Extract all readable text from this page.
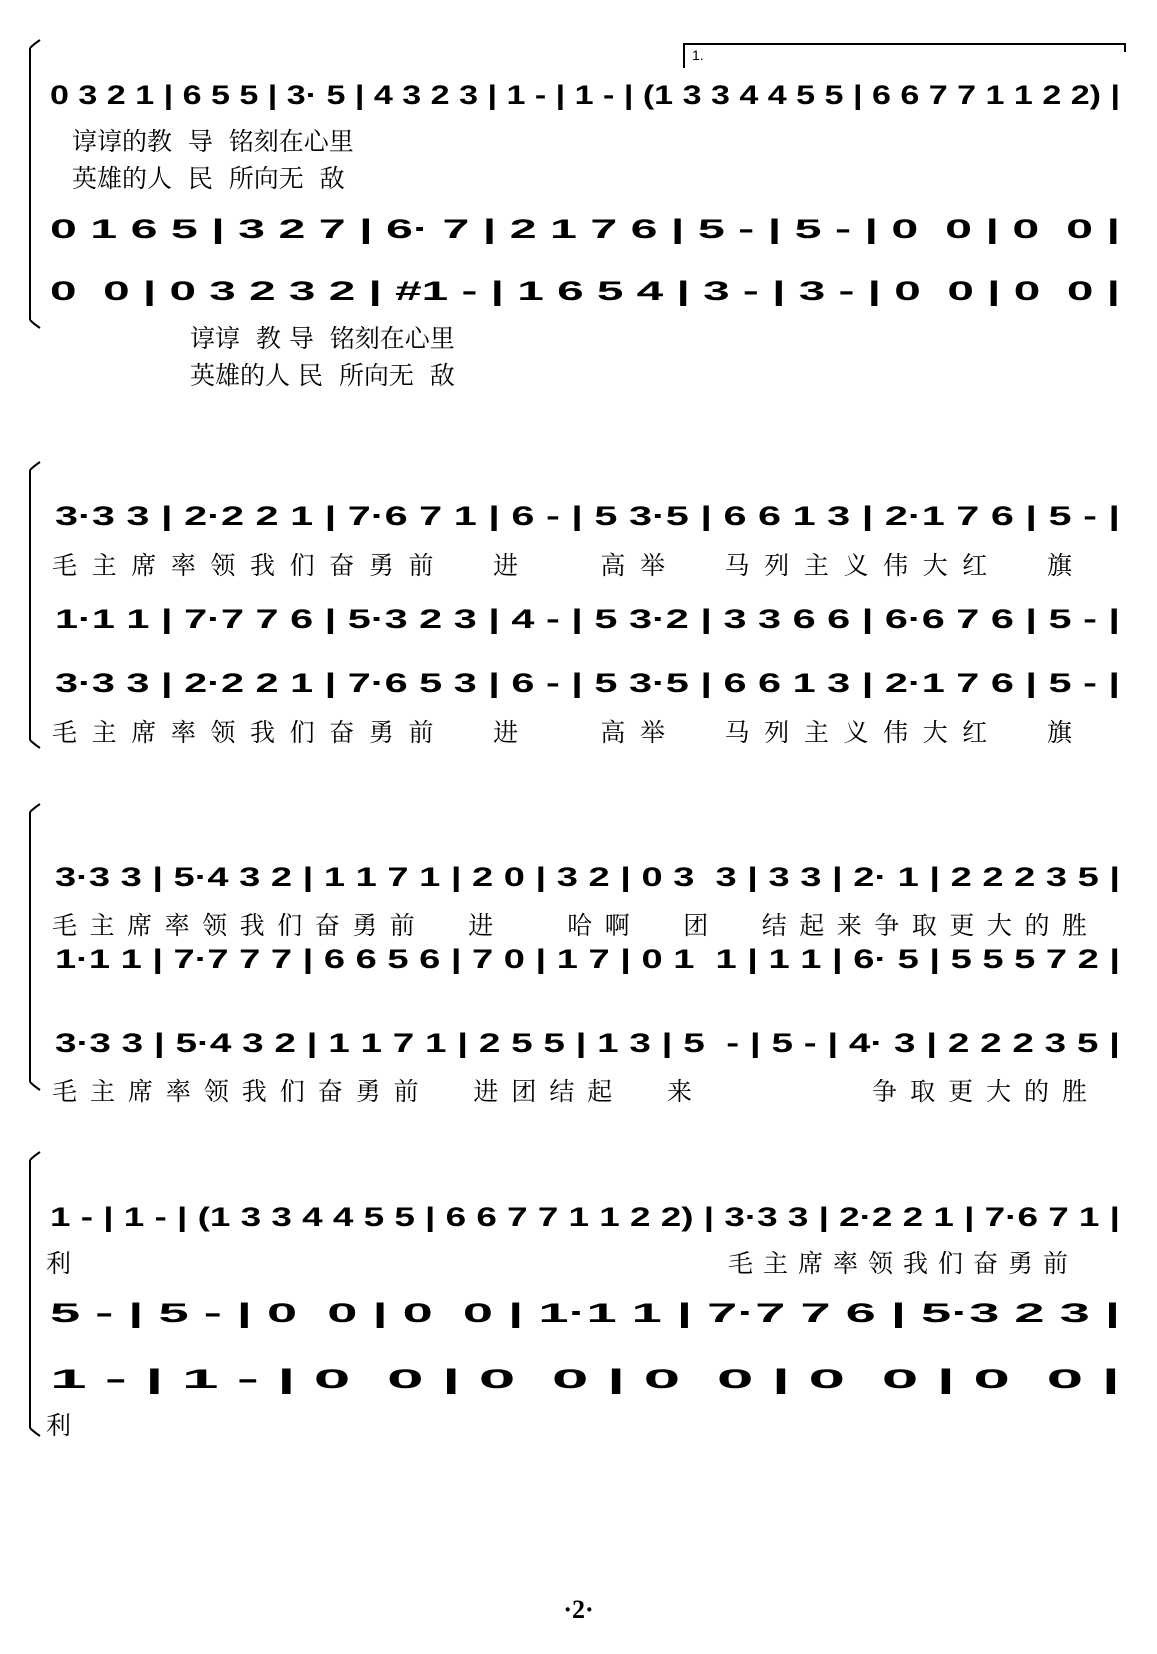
1.
0 3 2 1 | 6 5 5 | 3· 5 | 4 3 2 3 | 1 - | 1 - | (1 3 3 4 4 5 5 | 6 6 7 7 1 1 2 2) |
谆谆的教  导  铭刻在心里
英雄的人  民  所向无  敌
0 1 6 5 | 3 2 7 | 6· 7 | 2 1 7 6 | 5 - | 5 - | 0  0 | 0  0 |
0  0 | 0 3 2 3 2 | #1 - | 1 6 5 4 | 3 - | 3 - | 0  0 | 0  0 |
谆谆  教 导  铭刻在心里
英雄的人 民  所向无  敌
3·3 3 | 2·2 2 1 | 7·6 7 1 | 6 - | 5 3·5 | 6 6 1 3 | 2·1 7 6 | 5 - |
毛主席率领我们奋勇前  进   高举  马列主义伟大红  旗
1·1 1 | 7·7 7 6 | 5·3 2 3 | 4 - | 5 3·2 | 3 3 6 6 | 6·6 7 6 | 5 - |
3·3 3 | 2·2 2 1 | 7·6 5 3 | 6 - | 5 3·5 | 6 6 1 3 | 2·1 7 6 | 5 - |
毛主席率领我们奋勇前  进   高举  马列主义伟大红  旗
3·3 3 | 5·4 3 2 | 1 1 7 1 | 2 0 | 3 2 | 0 3  3 | 3 3 | 2· 1 | 2 2 2 3 5 |
毛主席率领我们奋勇前  进   哈啊  团  结起来争取更大的胜
1·1 1 | 7·7 7 7 | 6 6 5 6 | 7 0 | 1 7 | 0 1  1 | 1 1 | 6· 5 | 5 5 5 7 2 |
3·3 3 | 5·4 3 2 | 1 1 7 1 | 2 5 5 | 1 3 | 5  - | 5 - | 4· 3 | 2 2 2 3 5 |
毛主席率领我们奋勇前  进团结起  来        争取更大的胜
1 - | 1 - | (1 3 3 4 4 5 5 | 6 6 7 7 1 1 2 2) | 3·3 3 | 2·2 2 1 | 7·6 7 1 |
利	毛主席率领我们奋勇前
5 - | 5 - | 0  0 | 0  0 | 1·1 1 | 7·7 7 6 | 5·3 2 3 |
1 - | 1 - | 0  0 | 0  0 | 0  0 | 0  0 | 0  0 |
利
·2·
